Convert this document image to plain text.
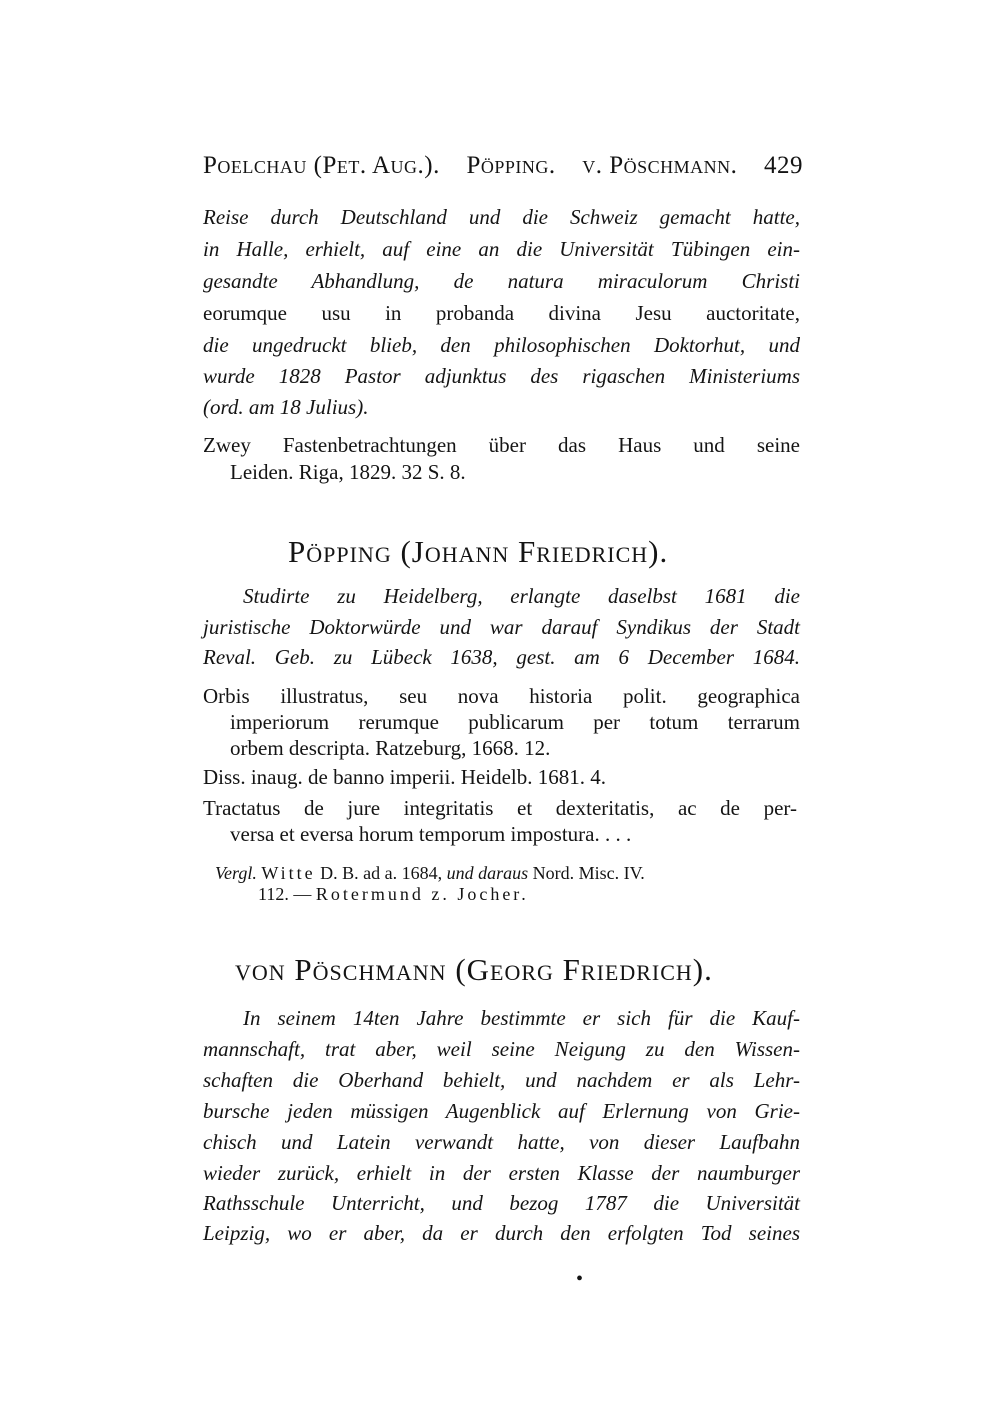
Poelchau (Pet. Aug.). Pöpping. v. Pöschmann. 429
Reise durch Deutschland und die Schweiz gemacht hatte,
in Halle, erhielt, auf eine an die Universität Tübingen ein-
gesandte Abhandlung, de natura miraculorum Christi
eorumque usu in probanda divina Jesu auctoritate,
die ungedruckt blieb, den philosophischen Doktorhut, und
wurde 1828 Pastor adjunktus des rigaschen Ministeriums
(ord. am 18 Julius).
Zwey Fastenbetrachtungen über das Haus und seine
Leiden. Riga, 1829. 32 S. 8.
Pöpping (Johann Friedrich).
Studirte zu Heidelberg, erlangte daselbst 1681 die
juristische Doktorwürde und war darauf Syndikus der Stadt
Reval. Geb. zu Lübeck 1638, gest. am 6 December 1684.
Orbis illustratus, seu nova historia polit. geographica
imperiorum rerumque publicarum per totum terrarum
orbem descripta. Ratzeburg, 1668. 12.
Diss. inaug. de banno imperii. Heidelb. 1681. 4.
Tractatus de jure integritatis et dexteritatis, ac de per-
versa et eversa horum temporum impostura. . . .
Vergl. Witte D. B. ad a. 1684, und daraus Nord. Misc. IV.
112. — Rotermund z. Jocher.
von Pöschmann (Georg Friedrich).
In seinem 14ten Jahre bestimmte er sich für die Kauf-
mannschaft, trat aber, weil seine Neigung zu den Wissen-
schaften die Oberhand behielt, und nachdem er als Lehr-
bursche jeden müssigen Augenblick auf Erlernung von Grie-
chisch und Latein verwandt hatte, von dieser Laufbahn
wieder zurück, erhielt in der ersten Klasse der naumburger
Rathsschule Unterricht, und bezog 1787 die Universität
Leipzig, wo er aber, da er durch den erfolgten Tod seines
•
